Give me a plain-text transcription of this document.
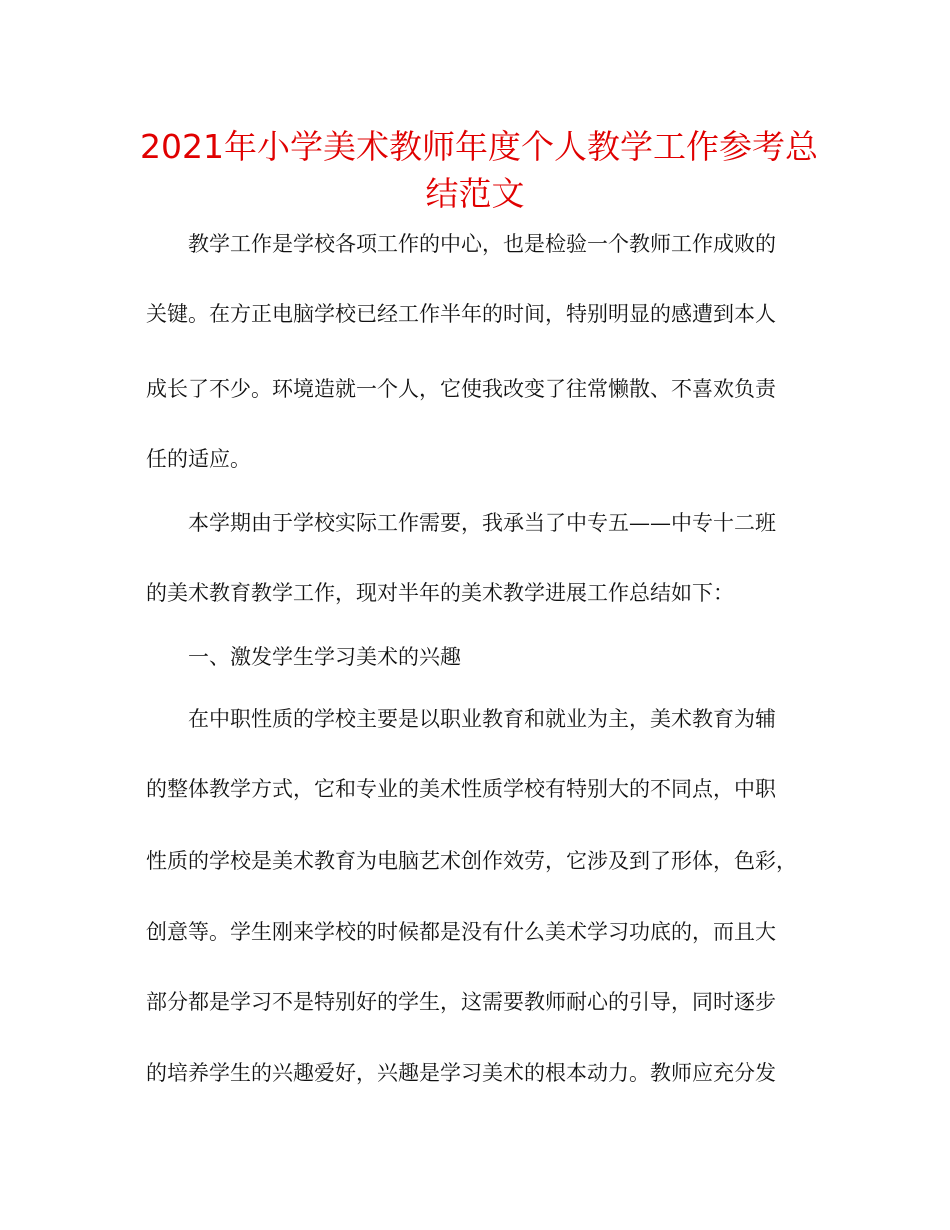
2021年小学美术教师年度个人教学工作参考总
结范文
教学工作是学校各项工作的中心，也是检验一个教师工作成败的
关键。在方正电脑学校已经工作半年的时间，特别明显的感遭到本人
成长了不少。环境造就一个人，它使我改变了往常懒散、不喜欢负责
任的适应。
本学期由于学校实际工作需要，我承当了中专五——中专十二班
的美术教育教学工作，现对半年的美术教学进展工作总结如下：
一、激发学生学习美术的兴趣
在中职性质的学校主要是以职业教育和就业为主，美术教育为辅
的整体教学方式，它和专业的美术性质学校有特别大的不同点，中职
性质的学校是美术教育为电脑艺术创作效劳，它涉及到了形体，色彩，
创意等。学生刚来学校的时候都是没有什么美术学习功底的，而且大
部分都是学习不是特别好的学生，这需要教师耐心的引导，同时逐步
的培养学生的兴趣爱好，兴趣是学习美术的根本动力。教师应充分发
